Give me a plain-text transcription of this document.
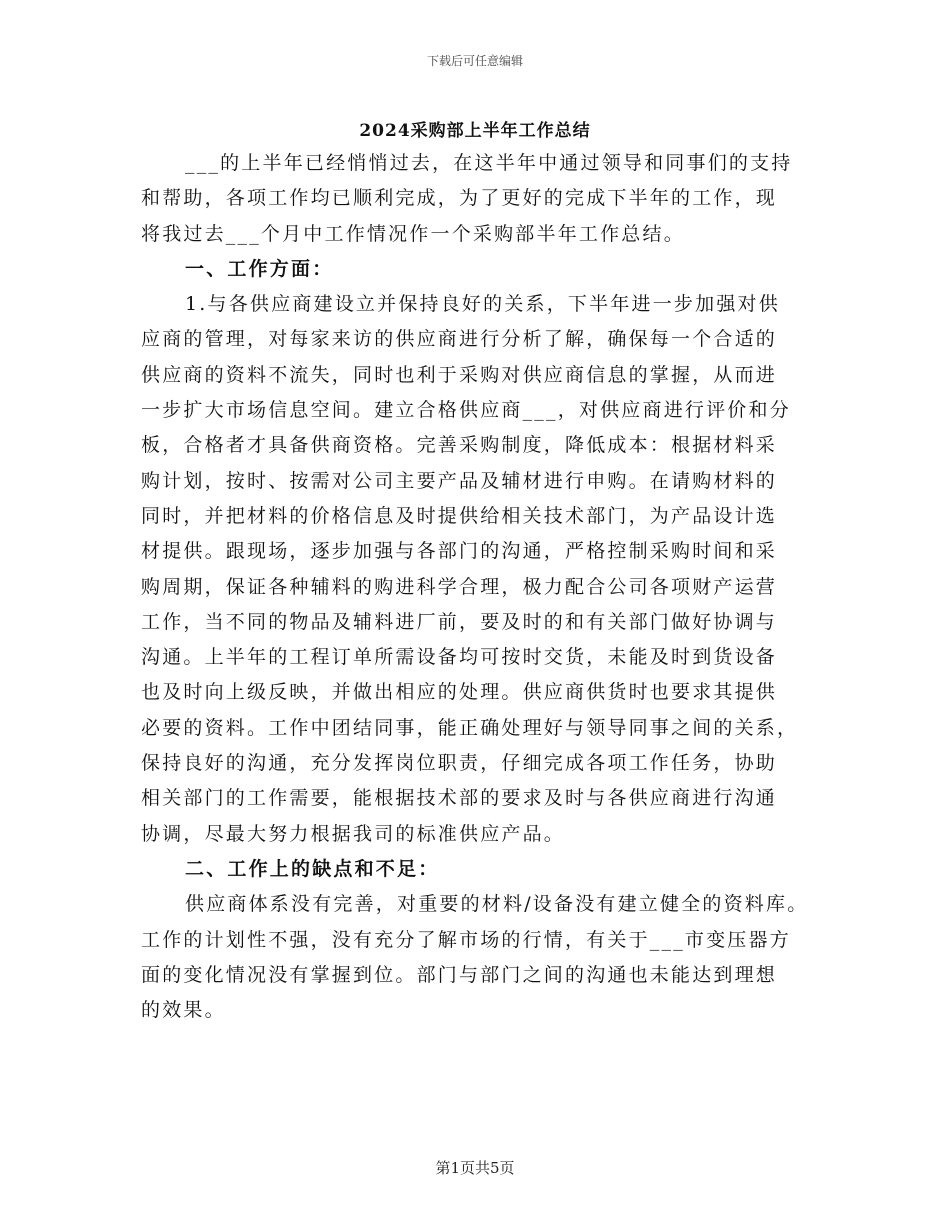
下载后可任意编辑
2024采购部上半年工作总结
___的上半年已经悄悄过去，在这半年中通过领导和同事们的支持
和帮助，各项工作均已顺利完成，为了更好的完成下半年的工作，现
将我过去___个月中工作情况作一个采购部半年工作总结。
一、工作方面：
1.与各供应商建设立并保持良好的关系，下半年进一步加强对供
应商的管理，对每家来访的供应商进行分析了解，确保每一个合适的
供应商的资料不流失，同时也利于采购对供应商信息的掌握，从而进
一步扩大市场信息空间。建立合格供应商___，对供应商进行评价和分
板，合格者才具备供商资格。完善采购制度，降低成本：根据材料采
购计划，按时、按需对公司主要产品及辅材进行申购。在请购材料的
同时，并把材料的价格信息及时提供给相关技术部门，为产品设计选
材提供。跟现场，逐步加强与各部门的沟通，严格控制采购时间和采
购周期，保证各种辅料的购进科学合理，极力配合公司各项财产运营
工作，当不同的物品及辅料进厂前，要及时的和有关部门做好协调与
沟通。上半年的工程订单所需设备均可按时交货，未能及时到货设备
也及时向上级反映，并做出相应的处理。供应商供货时也要求其提供
必要的资料。工作中团结同事，能正确处理好与领导同事之间的关系，
保持良好的沟通，充分发挥岗位职责，仔细完成各项工作任务，协助
相关部门的工作需要，能根据技术部的要求及时与各供应商进行沟通
协调，尽最大努力根据我司的标准供应产品。
二、工作上的缺点和不足：
供应商体系没有完善，对重要的材料/设备没有建立健全的资料库。
工作的计划性不强，没有充分了解市场的行情，有关于___市变压器方
面的变化情况没有掌握到位。部门与部门之间的沟通也未能达到理想
的效果。
第1页共5页
